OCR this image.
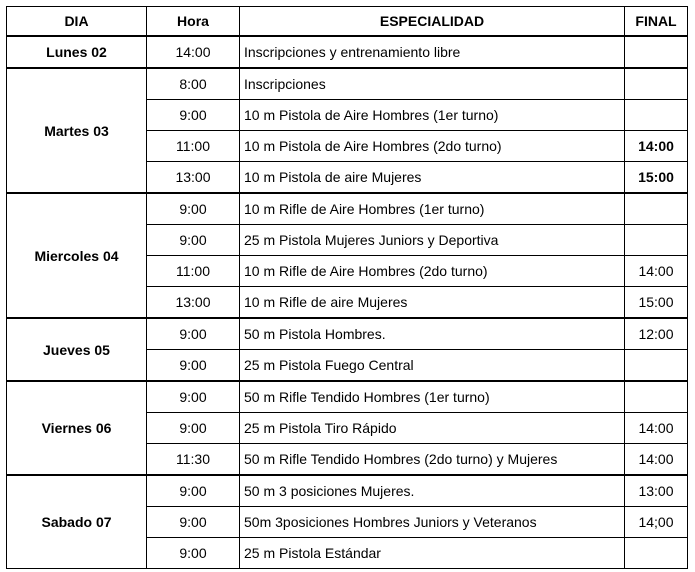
DIA	Hora	ESPECIALIDAD	FINAL
Lunes 02	14:00	Inscripciones y entrenamiento libre	
Martes 03	8:00	Inscripciones	
	9:00	10 m Pistola de Aire Hombres (1er turno)	
	11:00	10 m Pistola de Aire Hombres (2do turno)	14:00
	13:00	10 m Pistola de aire Mujeres	15:00
Miercoles 04	9:00	10 m Rifle de Aire Hombres (1er turno)	
	9:00	25 m Pistola Mujeres Juniors y Deportiva	
	11:00	10 m Rifle de Aire Hombres (2do turno)	14:00
	13:00	10 m Rifle de aire Mujeres	15:00
Jueves 05	9:00	50 m Pistola Hombres.	12:00
	9:00	25 m Pistola Fuego Central	
Viernes 06	9:00	50 m Rifle Tendido Hombres (1er turno)	
	9:00	25 m Pistola Tiro Rápido	14:00
	11:30	50 m Rifle Tendido Hombres (2do turno) y Mujeres	14:00
Sabado 07	9:00	50 m 3 posiciones Mujeres.	13:00
	9:00	50m 3posiciones Hombres Juniors y Veteranos	14;00
	9:00	25 m Pistola Estándar	
